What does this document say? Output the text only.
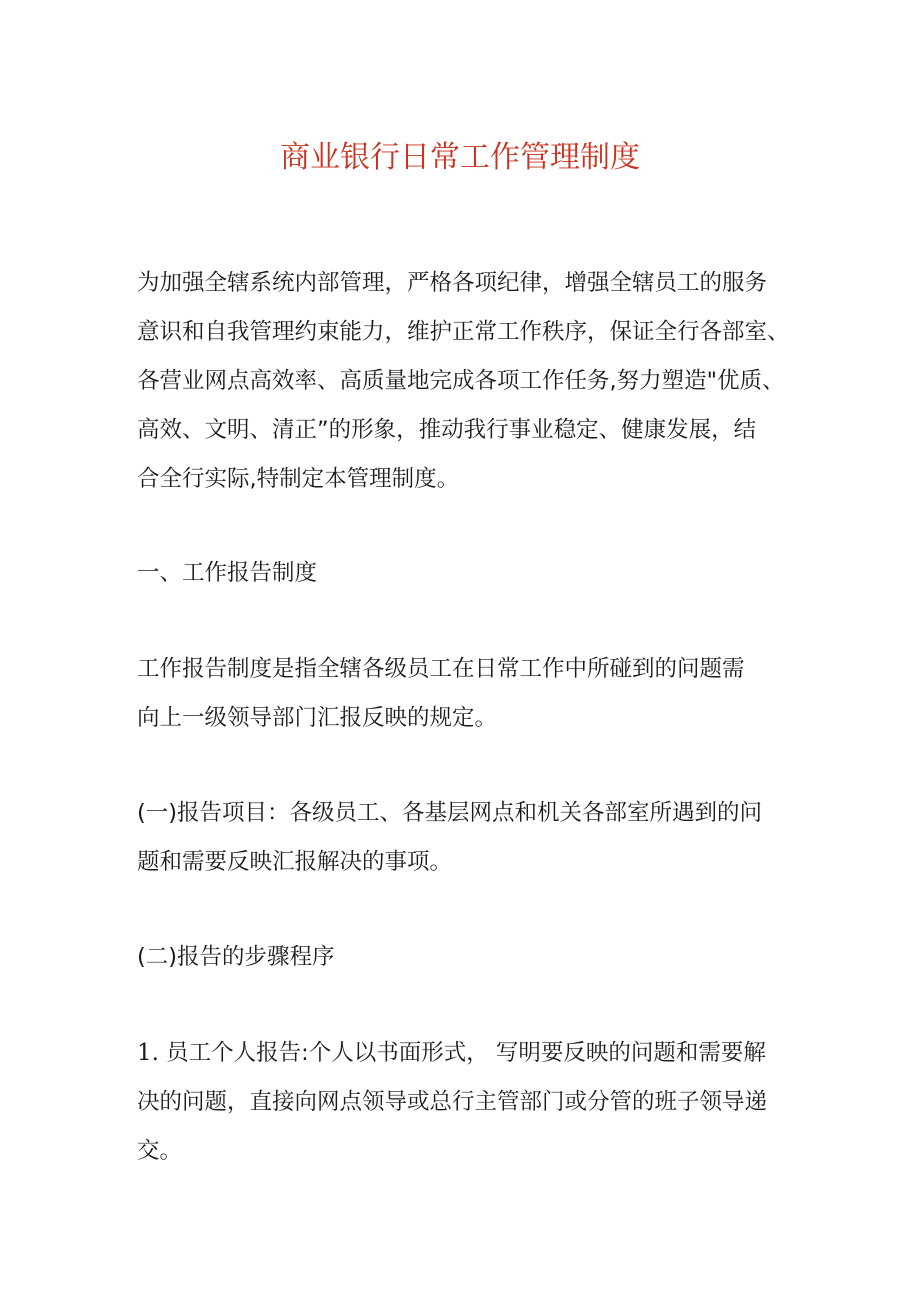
商业银行日常工作管理制度
为加强全辖系统内部管理，严格各项纪律，增强全辖员工的服务
意识和自我管理约束能力，维护正常工作秩序，保证全行各部室、
各营业网点高效率、高质量地完成各项工作任务,努力塑造"优质、
高效、文明、清正”的形象，推动我行事业稳定、健康发展，结
合全行实际,特制定本管理制度。
一、工作报告制度
工作报告制度是指全辖各级员工在日常工作中所碰到的问题需
向上一级领导部门汇报反映的规定。
(一)报告项目：各级员工、各基层网点和机关各部室所遇到的问
题和需要反映汇报解决的事项。
(二)报告的步骤程序
1. 员工个人报告:个人以书面形式， 写明要反映的问题和需要解
决的问题，直接向网点领导或总行主管部门或分管的班子领导递
交。
